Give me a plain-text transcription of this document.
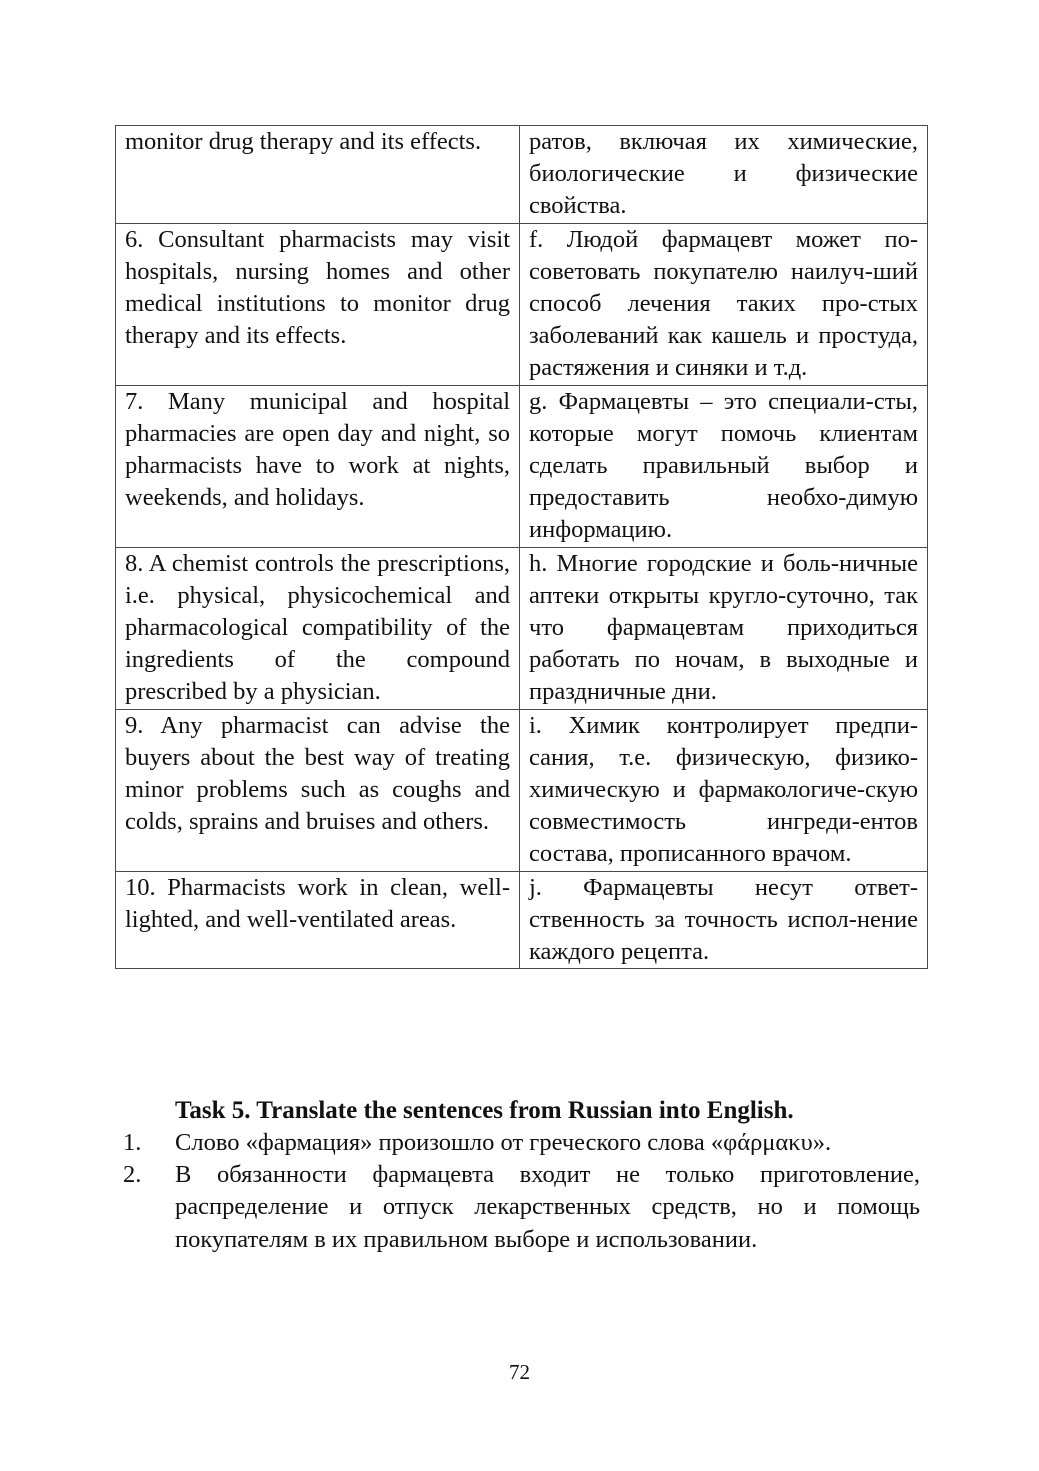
monitor drug therapy and its effects.	ратов, включая их химические, биологические и физические свойства.
6. Consultant pharmacists may visit hospitals, nursing homes and other medical institutions to monitor drug therapy and its effects.	f. Людой фармацевт может по-советовать покупателю наилуч-ший способ лечения таких про-стых заболеваний как кашель и простуда, растяжения и синяки и т.д.
7. Many municipal and hospital pharmacies are open day and night, so pharmacists have to work at nights, weekends, and holidays.	g. Фармацевты – это специали-сты, которые могут помочь клиентам сделать правильный выбор и предоставить необхо-димую информацию.
8. A chemist controls the prescriptions, i.e. physical, physicochemical and pharmacological compatibility of the ingredients of the compound prescribed by a physician.	h. Многие городские и боль-ничные аптеки открыты кругло-суточно, так что фармацевтам приходиться работать по ночам, в выходные и праздничные дни.
9. Any pharmacist can advise the buyers about the best way of treating minor problems such as coughs and colds, sprains and bruises and others.	i. Химик контролирует предпи-сания, т.е. физическую, физико-химическую и фармакологиче-скую совместимость ингреди-ентов состава, прописанного врачом.
10. Pharmacists work in clean, well-lighted, and well-ventilated areas.	j. Фармацевты несут ответ-ственность за точность испол-нение каждого рецепта.

Task 5. Translate the sentences from Russian into English.

1.	Слово «фармация» произошло от греческого слова «φάρμακυ».
2.	В обязанности фармацевта входит не только приготовление, распределение и отпуск лекарственных средств, но и помощь покупателям в их правильном выборе и использовании.
72
